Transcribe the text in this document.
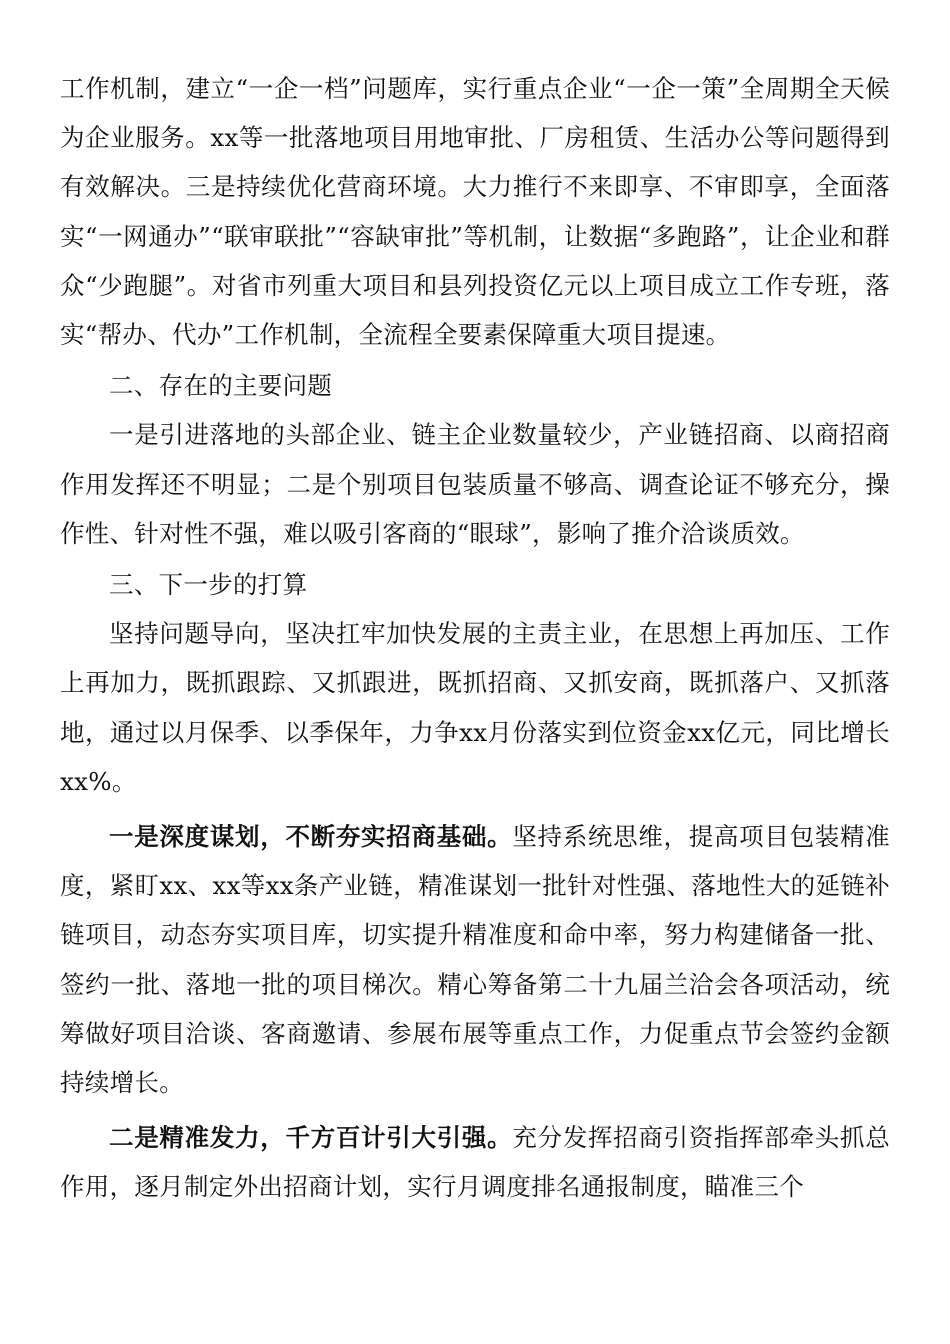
工作机制，建立“一企一档”问题库，实行重点企业“一企一策”全周期全天候为企业服务。xx等一批落地项目用地审批、厂房租赁、生活办公等问题得到有效解决。三是持续优化营商环境。大力推行不来即享、不审即享，全面落实“一网通办”“联审联批”“容缺审批”等机制，让数据“多跑路”，让企业和群众“少跑腿”。对省市列重大项目和县列投资亿元以上项目成立工作专班，落实“帮办、代办”工作机制，全流程全要素保障重大项目提速。

二、存在的主要问题

一是引进落地的头部企业、链主企业数量较少，产业链招商、以商招商作用发挥还不明显；二是个别项目包装质量不够高、调查论证不够充分，操作性、针对性不强，难以吸引客商的“眼球”，影响了推介洽谈质效。

三、下一步的打算

坚持问题导向，坚决扛牢加快发展的主责主业，在思想上再加压、工作上再加力，既抓跟踪、又抓跟进，既抓招商、又抓安商，既抓落户、又抓落地，通过以月保季、以季保年，力争xx月份落实到位资金xx亿元，同比增长xx%。

一是深度谋划，不断夯实招商基础。坚持系统思维，提高项目包装精准度，紧盯xx、xx等xx条产业链，精准谋划一批针对性强、落地性大的延链补链项目，动态夯实项目库，切实提升精准度和命中率，努力构建储备一批、签约一批、落地一批的项目梯次。精心筹备第二十九届兰洽会各项活动，统筹做好项目洽谈、客商邀请、参展布展等重点工作，力促重点节会签约金额持续增长。

二是精准发力，千方百计引大引强。充分发挥招商引资指挥部牵头抓总作用，逐月制定外出招商计划，实行月调度排名通报制度，瞄准三个
